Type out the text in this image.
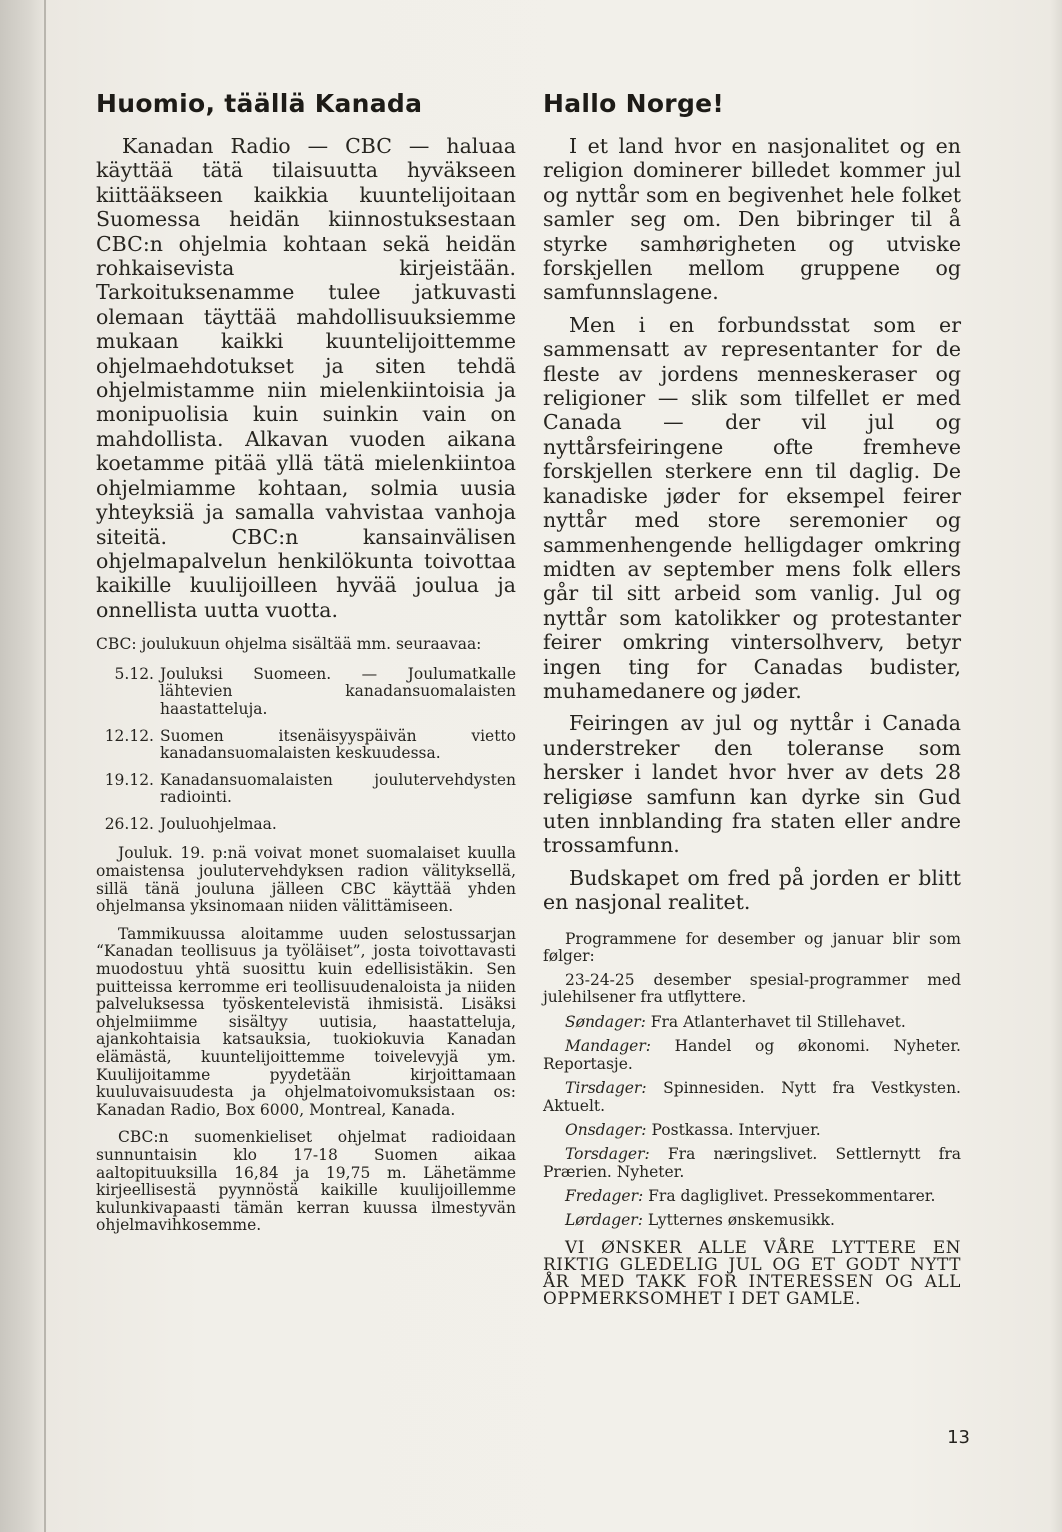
Huomio, täällä Kanada

Kanadan Radio — CBC — haluaa käyttää tätä tilaisuutta hyväkseen kiittääkseen kaikkia kuuntelijoitaan Suomessa heidän kiinnostuksestaan CBC:n ohjelmia kohtaan sekä heidän rohkaisevista kirjeistään. Tarkoituksenamme tulee jatkuvasti olemaan täyttää mahdollisuuksiemme mukaan kaikki kuuntelijoittemme ohjelmaehdotukset ja siten tehdä ohjelmistamme niin mielenkiintoisia ja monipuolisia kuin suinkin vain on mahdollista. Alkavan vuoden aikana koetamme pitää yllä tätä mielenkiintoa ohjelmiamme kohtaan, solmia uusia yhteyksiä ja samalla vahvistaa vanhoja siteitä. CBC:n kansainvälisen ohjelmapalvelun henkilökunta toivottaa kaikille kuulijoilleen hyvää joulua ja onnellista uutta vuotta.

CBC: joulukuun ohjelma sisältää mm. seuraavaa:

5.12. Jouluksi Suomeen. — Joulumatkalle lähtevien kanadansuomalaisten haastatteluja.
12.12. Suomen itsenäisyyspäivän vietto kanadansuomalaisten keskuudessa.
19.12. Kanadansuomalaisten joulutervehdysten radiointi.
26.12. Jouluohjelmaa.

Jouluk. 19. p:nä voivat monet suomalaiset kuulla omaistensa joulutervehdyksen radion välityksellä, sillä tänä jouluna jälleen CBC käyttää yhden ohjelmansa yksinomaan niiden välittämiseen.

Tammikuussa aloitamme uuden selostussarjan “Kanadan teollisuus ja työläiset”, josta toivottavasti muodostuu yhtä suosittu kuin edellisistäkin. Sen puitteissa kerromme eri teollisuudenaloista ja niiden palveluksessa työskentelevistä ihmisistä. Lisäksi ohjelmiimme sisältyy uutisia, haastatteluja, ajankohtaisia katsauksia, tuokiokuvia Kanadan elämästä, kuuntelijoittemme toivelevyjä ym. Kuulijoitamme pyydetään kirjoittamaan kuuluvaisuudesta ja ohjelmatoivomuksistaan os: Kanadan Radio, Box 6000, Montreal, Kanada.

CBC:n suomenkieliset ohjelmat radioidaan sunnuntaisin klo 17-18 Suomen aikaa aaltopituuksilla 16,84 ja 19,75 m. Lähetämme kirjeellisestä pyynnöstä kaikille kuulijoillemme kulunkivapaasti tämän kerran kuussa ilmestyvän ohjelmavihkosemme.

Hallo Norge!

I et land hvor en nasjonalitet og en religion dominerer billedet kommer jul og nyttår som en begivenhet hele folket samler seg om. Den bibringer til å styrke samhørigheten og utviske forskjellen mellom gruppene og samfunnslagene.

Men i en forbundsstat som er sammensatt av representanter for de fleste av jordens menneskeraser og religioner — slik som tilfellet er med Canada — der vil jul og nyttårsfeiringene ofte fremheve forskjellen sterkere enn til daglig. De kanadiske jøder for eksempel feirer nyttår med store seremonier og sammenhengende helligdager omkring midten av september mens folk ellers går til sitt arbeid som vanlig. Jul og nyttår som katolikker og protestanter feirer omkring vintersolhverv, betyr ingen ting for Canadas budister, muhamedanere og jøder.

Feiringen av jul og nyttår i Canada understreker den toleranse som hersker i landet hvor hver av dets 28 religiøse samfunn kan dyrke sin Gud uten innblanding fra staten eller andre trossamfunn.

Budskapet om fred på jorden er blitt en nasjonal realitet.

Programmene for desember og januar blir som følger:

23-24-25 desember spesial-programmer med julehilsener fra utflyttere.

Søndager: Fra Atlanterhavet til Stillehavet.

Mandager: Handel og økonomi. Nyheter. Reportasje.

Tirsdager: Spinnesiden. Nytt fra Vestkysten. Aktuelt.

Onsdager: Postkassa. Intervjuer.

Torsdager: Fra næringslivet. Settlernytt fra Prærien. Nyheter.

Fredager: Fra dagliglivet. Pressekommentarer.

Lørdager: Lytternes ønskemusikk.

VI ØNSKER ALLE VÅRE LYTTERE EN RIKTIG GLEDELIG JUL OG ET GODT NYTT ÅR MED TAKK FOR INTERESSEN OG ALL OPPMERKSOMHET I DET GAMLE.

13
